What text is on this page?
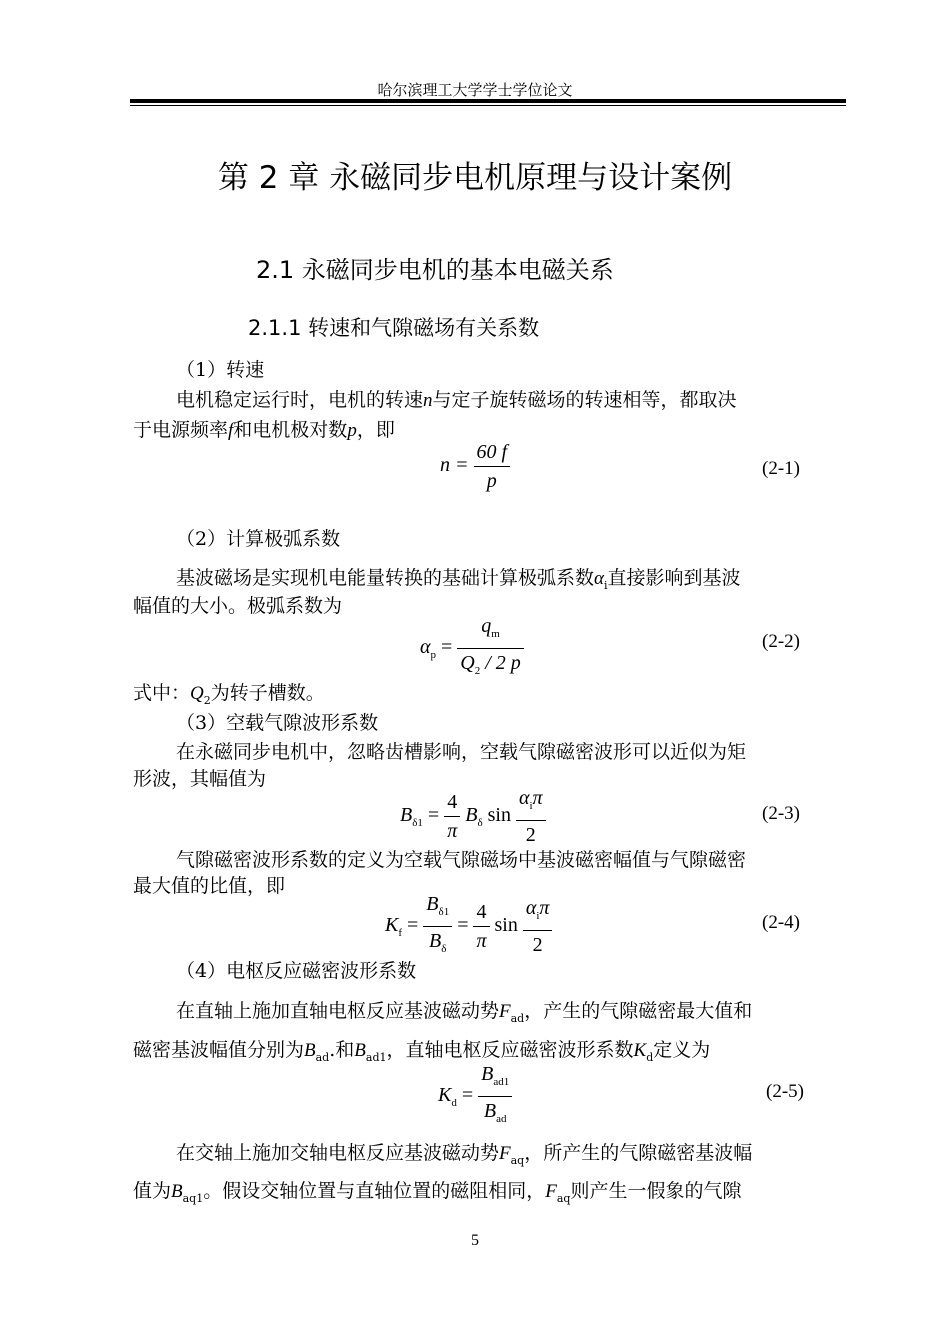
哈尔滨理工大学学士学位论文
第 2 章 永磁同步电机原理与设计案例
2.1 永磁同步电机的基本电磁关系
2.1.1 转速和气隙磁场有关系数
（1）转速
电机稳定运行时，电机的转速n与定子旋转磁场的转速相等，都取决
于电源频率f和电机极对数p，即
$n = \frac{60 f}{p}$	(2-1)
（2）计算极弧系数
基波磁场是实现机电能量转换的基础计算极弧系数$\alpha_i$直接影响到基波
幅值的大小。极弧系数为
$\alpha_p = \frac{q_m}{Q_2 / 2 p}$	(2-2)
式中：$Q_2$为转子槽数。
（3）空载气隙波形系数
在永磁同步电机中，忽略齿槽影响，空载气隙磁密波形可以近似为矩
形波，其幅值为
$B_{\delta 1} = \frac{4}{\pi} B_\delta$ $\sin \frac{\alpha_i\pi}{2}$	(2-3)
气隙磁密波形系数的定义为空载气隙磁场中基波磁密幅值与气隙磁密
最大值的比值，即
$K_f = \frac{B_{\delta 1}}{B_\delta} = \frac{4}{\pi}$ $\sin \frac{\alpha_i\pi}{2}$	(2-4)
（4）电枢反应磁密波形系数
在直轴上施加直轴电枢反应基波磁动势$F_{ad}$，产生的气隙磁密最大值和
磁密基波幅值分别为$B_{ad}$.和$B_{ad1}$，直轴电枢反应磁密波形系数$K_d$定义为
$K_d = \frac{B_{ad1}}{B_{ad}}$	(2-5)
在交轴上施加交轴电枢反应基波磁动势$F_{aq}$，所产生的气隙磁密基波幅
值为$B_{aq1}$。假设交轴位置与直轴位置的磁阻相同，$F_{aq}$则产生一假象的气隙
5
